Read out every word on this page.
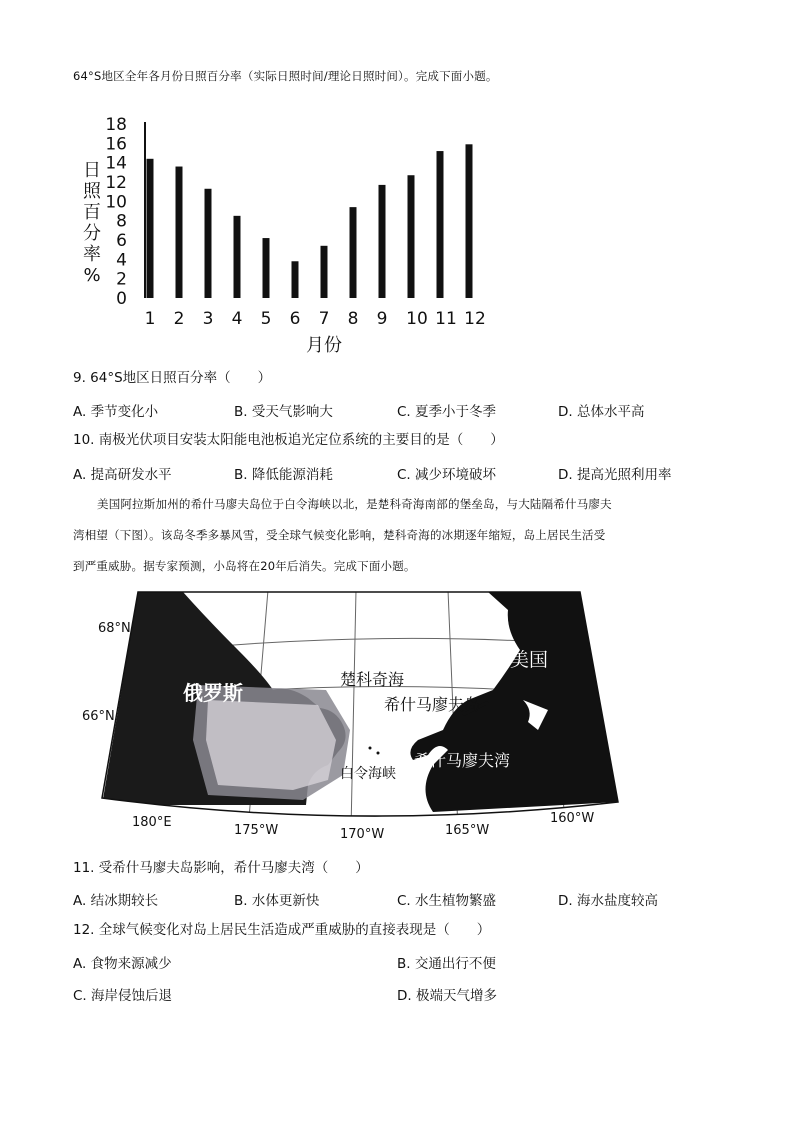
64°S地区全年各月份日照百分率（实际日照时间/理论日照时间）。完成下面小题。
18
16
14
12
10
8
6
4
2
0
1 2 3 4 5 6 7 8 9 10 11 12
日照百分率%
月份
9. 64°S地区日照百分率（　　）
A. 季节变化小	B. 受天气影响大	C. 夏季小于冬季	D. 总体水平高
10. 南极光伏项目安装太阳能电池板追光定位系统的主要目的是（　　）
A. 提高研发水平	B. 降低能源消耗	C. 减少环境破坏	D. 提高光照利用率
美国阿拉斯加州的希什马廖夫岛位于白令海峡以北，是楚科奇海南部的堡垒岛，与大陆隔希什马廖夫
湾相望（下图）。该岛冬季多暴风雪，受全球气候变化影响，楚科奇海的冰期逐年缩短，岛上居民生活受
到严重威胁。据专家预测，小岛将在20年后消失。完成下面小题。
美国
俄罗斯
楚科奇海
希什马廖夫岛
希什马廖夫湾
白令海峡
68°N
66°N
180°E
175°W	170°W	165°W
160°W
11. 受希什马廖夫岛影响，希什马廖夫湾（　　）
A. 结冰期较长	B. 水体更新快	C. 水生植物繁盛	D. 海水盐度较高
12. 全球气候变化对岛上居民生活造成严重威胁的直接表现是（　　）
A. 食物来源减少	B. 交通出行不便
C. 海岸侵蚀后退	D. 极端天气增多
